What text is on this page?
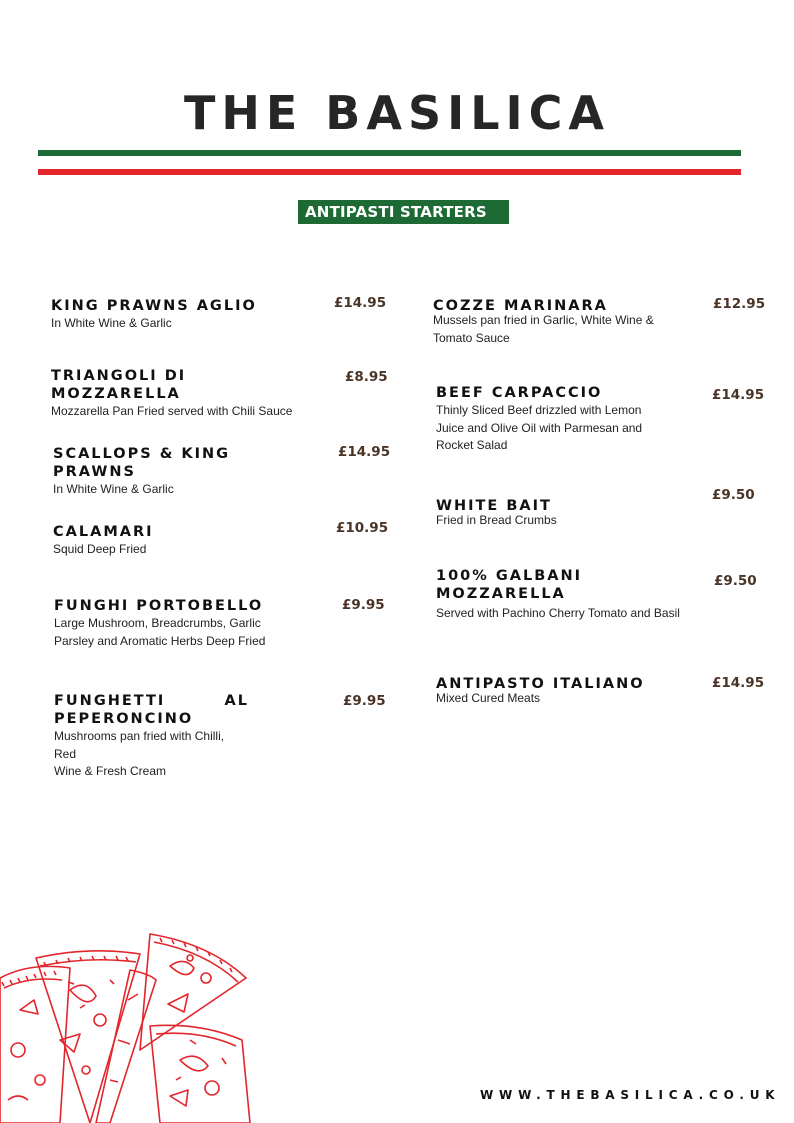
THE BASILICA
ANTIPASTI STARTERS

KING PRAWNS AGLIO

In White Wine & Garlic

£14.95

TRIANGOLI DI

MOZZARELLA

Mozzarella Pan Fried served with Chili Sauce

£8.95

SCALLOPS & KING

PRAWNS

In White Wine & Garlic

£14.95

CALAMARI

Squid Deep Fried

£10.95

FUNGHI PORTOBELLO

Large Mushroom, Breadcrumbs, Garlic

Parsley and Aromatic Herbs Deep Fried

£9.95
FUNGHETTI	AL

PEPERONCINO

Mushrooms pan fried with Chilli, Red

Wine & Fresh Cream

£9.95

COZZE MARINARA

Mussels pan fried in Garlic, White Wine &

Tomato Sauce

£12.95

BEEF CARPACCIO

Thinly Sliced Beef drizzled with Lemon

Juice and Olive Oil with Parmesan and

Rocket Salad

£14.95

WHITE BAIT

Fried in Bread Crumbs

£9.50

100% GALBANI

MOZZARELLA

Served with Pachino Cherry Tomato and Basil

£9.50

ANTIPASTO ITALIANO

Mixed Cured Meats

£14.95
WWW.THEBASILICA.CO.UK
